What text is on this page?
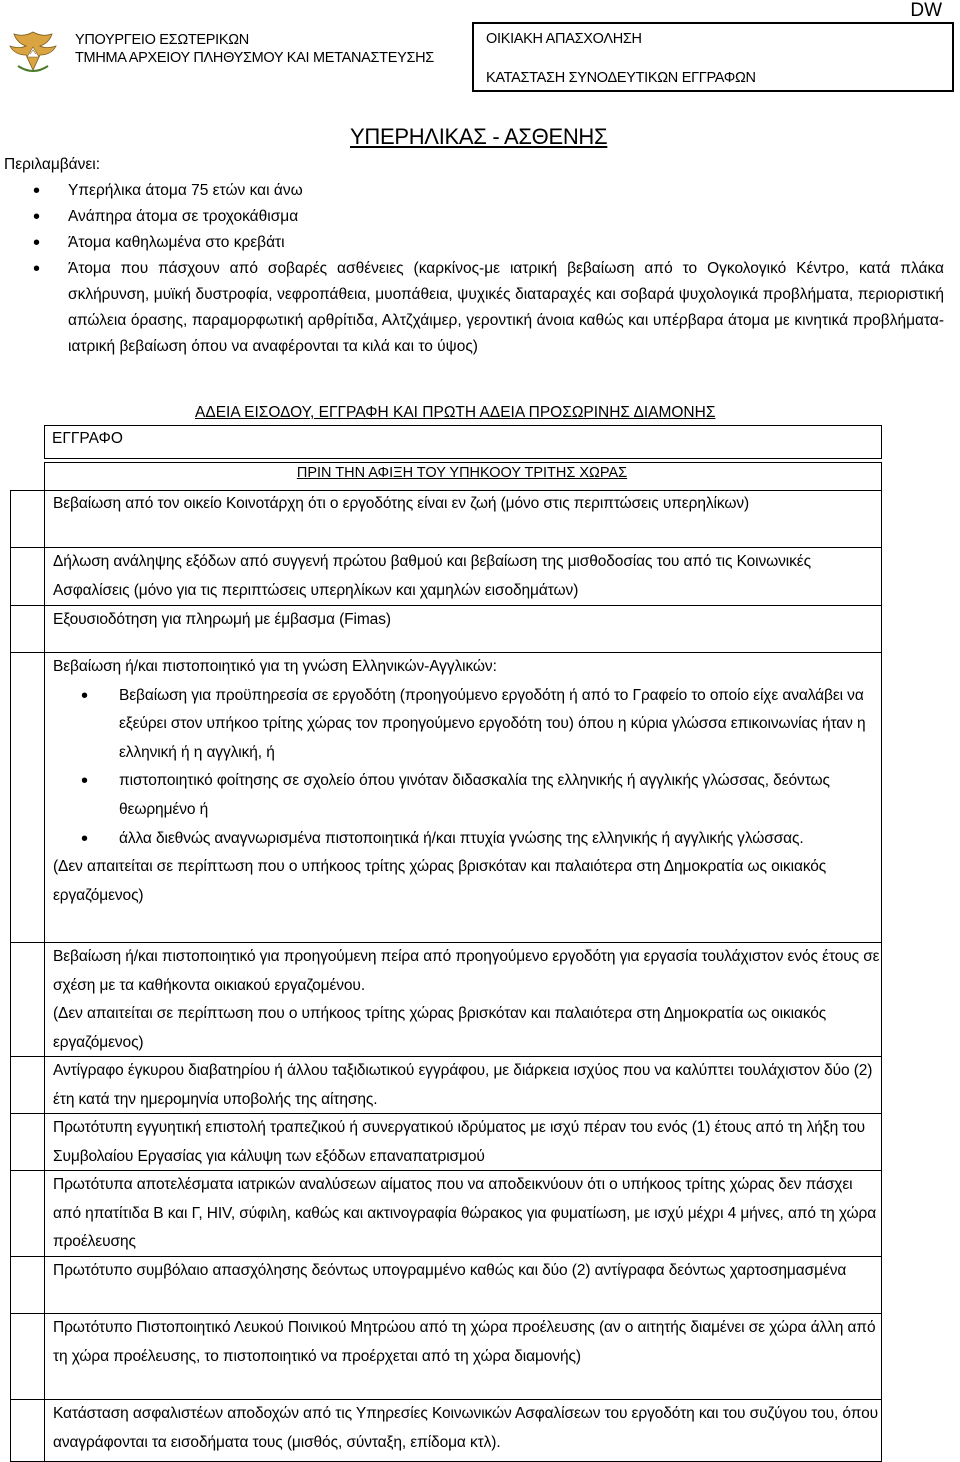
ΥΠΟΥΡΓΕΙΟ ΕΣΩΤΕΡΙΚΩΝ
ΤΜΗΜΑ ΑΡΧΕΙΟΥ ΠΛΗΘΥΣΜΟΥ ΚΑΙ ΜΕΤΑΝΑΣΤΕΥΣΗΣ
ΟΙΚΙΑΚΗ ΑΠΑΣΧΟΛΗΣΗ
ΚΑΤΑΣΤΑΣΗ ΣΥΝΟΔΕΥΤΙΚΩΝ ΕΓΓΡΑΦΩΝ
DW
ΥΠΕΡΗΛΙΚΑΣ - ΑΣΘΕΝΗΣ
Περιλαμβάνει:
• Υπερήλικα άτομα 75 ετών και άνω
• Ανάπηρα άτομα σε τροχοκάθισμα
• Άτομα καθηλωμένα στο κρεβάτι
• Άτομα που πάσχουν από σοβαρές ασθένειες (καρκίνος-με ιατρική βεβαίωση από το Ογκολογικό Κέντρο, κατά πλάκα σκλήρυνση, μυϊκή δυστροφία, νεφροπάθεια, μυοπάθεια, ψυχικές διαταραχές και σοβαρά ψυχολογικά προβλήματα, περιοριστική απώλεια όρασης, παραμορφωτική αρθρίτιδα, Αλτζχάιμερ, γεροντική άνοια καθώς και υπέρβαρα άτομα με κινητικά προβλήματα-ιατρική βεβαίωση όπου να αναφέρονται τα κιλά και το ύψος)
ΑΔΕΙΑ ΕΙΣΟΔΟΥ, ΕΓΓΡΑΦΗ ΚΑΙ ΠΡΩΤΗ ΑΔΕΙΑ ΠΡΟΣΩΡΙΝΗΣ ΔΙΑΜΟΝΗΣ
ΕΓΓΡΑΦΟ
ΠΡΙΝ ΤΗΝ ΑΦΙΞΗ ΤΟΥ ΥΠΗΚΟΟΥ ΤΡΙΤΗΣ ΧΩΡΑΣ

Βεβαίωση από τον οικείο Κοινοτάρχη ότι ο εργοδότης είναι εν ζωή (μόνο στις περιπτώσεις υπερηλίκων)

Δήλωση ανάληψης εξόδων από συγγενή πρώτου βαθμού και βεβαίωση της μισθοδοσίας του από τις Κοινωνικές Ασφαλίσεις (μόνο για τις περιπτώσεις υπερηλίκων και χαμηλών εισοδημάτων)

Εξουσιοδότηση για πληρωμή με έμβασμα (Fimas)

Βεβαίωση ή/και πιστοποιητικό για τη γνώση Ελληνικών-Αγγλικών:

• Βεβαίωση για προϋπηρεσία σε εργοδότη (προηγούμενο εργοδότη ή από το Γραφείο το οποίο είχε αναλάβει να εξεύρει στον υπήκοο τρίτης χώρας τον προηγούμενο εργοδότη του) όπου η κύρια γλώσσα επικοινωνίας ήταν η ελληνική ή η αγγλική, ή
• πιστοποιητικό φοίτησης σε σχολείο όπου γινόταν διδασκαλία της ελληνικής ή αγγλικής γλώσσας, δεόντως θεωρημένο ή
• άλλα διεθνώς αναγνωρισμένα πιστοποιητικά ή/και πτυχία γνώσης της ελληνικής ή αγγλικής γλώσσας.

(Δεν απαιτείται σε περίπτωση που ο υπήκοος τρίτης χώρας βρισκόταν και παλαιότερα στη Δημοκρατία ως οικιακός εργαζόμενος)

Βεβαίωση ή/και πιστοποιητικό για προηγούμενη πείρα από προηγούμενο εργοδότη για εργασία τουλάχιστον ενός έτους σε σχέση με τα καθήκοντα οικιακού εργαζομένου.

(Δεν απαιτείται σε περίπτωση που ο υπήκοος τρίτης χώρας βρισκόταν και παλαιότερα στη Δημοκρατία ως οικιακός εργαζόμενος)

Αντίγραφο έγκυρου διαβατηρίου ή άλλου ταξιδιωτικού εγγράφου, με διάρκεια ισχύος που να καλύπτει τουλάχιστον δύο (2) έτη κατά την ημερομηνία υποβολής της αίτησης.

Πρωτότυπη εγγυητική επιστολή τραπεζικού ή συνεργατικού ιδρύματος με ισχύ πέραν του ενός (1) έτους από τη λήξη του Συμβολαίου Εργασίας για κάλυψη των εξόδων επαναπατρισμού

Πρωτότυπα αποτελέσματα ιατρικών αναλύσεων αίματος που να αποδεικνύουν ότι ο υπήκοος τρίτης χώρας δεν πάσχει από ηπατίτιδα Β και Γ, HIV, σύφιλη, καθώς και ακτινογραφία θώρακος για φυματίωση, με ισχύ μέχρι 4 μήνες, από τη χώρα προέλευσης

Πρωτότυπο συμβόλαιο απασχόλησης δεόντως υπογραμμένο καθώς και δύο (2) αντίγραφα δεόντως χαρτοσημασμένα

Πρωτότυπο Πιστοποιητικό Λευκού Ποινικού Μητρώου από τη χώρα προέλευσης (αν ο αιτητής διαμένει σε χώρα άλλη από τη χώρα προέλευσης, το πιστοποιητικό να προέρχεται από τη χώρα διαμονής)

Κατάσταση ασφαλιστέων αποδοχών από τις Υπηρεσίες Κοινωνικών Ασφαλίσεων του εργοδότη και του συζύγου του, όπου αναγράφονται τα εισοδήματα τους (μισθός, σύνταξη, επίδομα κτλ).
